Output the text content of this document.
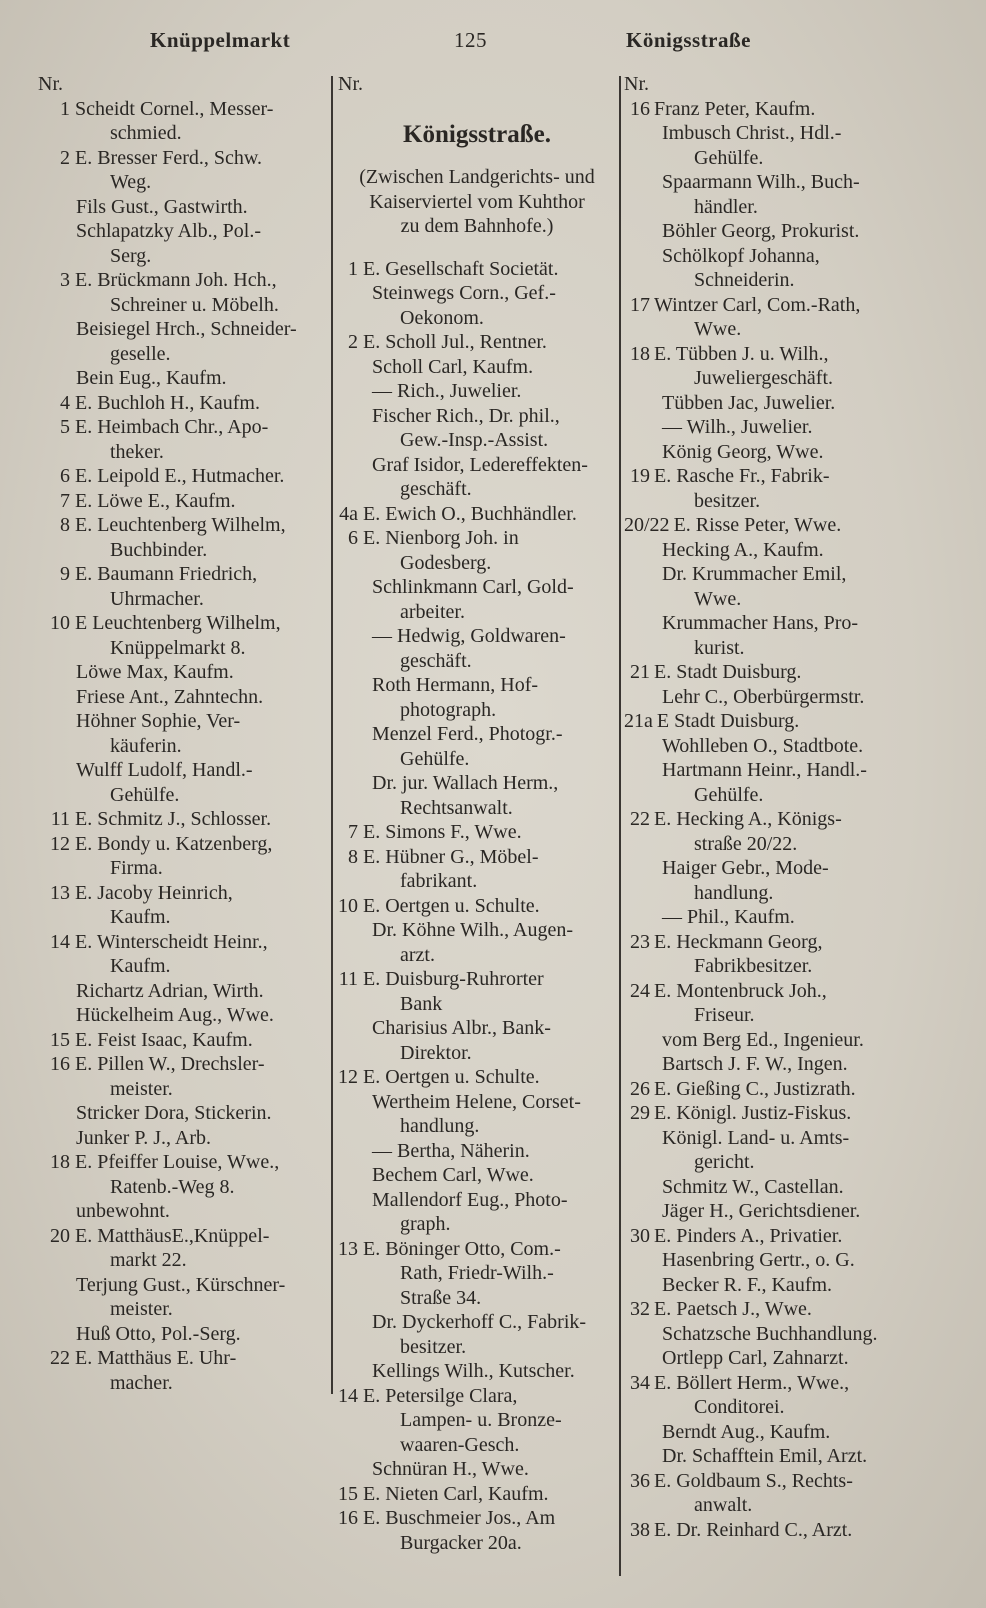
Knüppelmarkt	125	Königsstraße
Nr.
1 Scheidt Cornel., Messer-
schmied.
2 E. Bresser Ferd., Schw.
Weg.
Fils Gust., Gastwirth.
Schlapatzky Alb., Pol.-
Serg.
3 E. Brückmann Joh. Hch.,
Schreiner u. Möbelh.
Beisiegel Hrch., Schneider-
geselle.
Bein Eug., Kaufm.
4 E. Buchloh H., Kaufm.
5 E. Heimbach Chr., Apo-
theker.
6 E. Leipold E., Hutmacher.
7 E. Löwe E., Kaufm.
8 E. Leuchtenberg Wilhelm,
Buchbinder.
9 E. Baumann Friedrich,
Uhrmacher.
10 E Leuchtenberg Wilhelm,
Knüppelmarkt 8.
Löwe Max, Kaufm.
Friese Ant., Zahntechn.
Höhner Sophie, Ver-
käuferin.
Wulff Ludolf, Handl.-
Gehülfe.
11 E. Schmitz J., Schlosser.
12 E. Bondy u. Katzenberg,
Firma.
13 E. Jacoby Heinrich,
Kaufm.
14 E. Winterscheidt Heinr.,
Kaufm.
Richartz Adrian, Wirth.
Hückelheim Aug., Wwe.
15 E. Feist Isaac, Kaufm.
16 E. Pillen W., Drechsler-
meister.
Stricker Dora, Stickerin.
Junker P. J., Arb.
18 E. Pfeiffer Louise, Wwe.,
Ratenb.-Weg 8.
unbewohnt.
20 E. MatthäusE.,Knüppel-
markt 22.
Terjung Gust., Kürschner-
meister.
Huß Otto, Pol.-Serg.
22 E. Matthäus E. Uhr-
macher.
Nr.
Königsstraße.
(Zwischen Landgerichts- und
Kaiserviertel vom Kuhthor
zu dem Bahnhofe.)
1 E. Gesellschaft Societät.
Steinwegs Corn., Gef.-
Oekonom.
2 E. Scholl Jul., Rentner.
Scholl Carl, Kaufm.
— Rich., Juwelier.
Fischer Rich., Dr. phil.,
Gew.-Insp.-Assist.
Graf Isidor, Ledereffekten-
geschäft.
4a E. Ewich O., Buchhändler.
6 E. Nienborg Joh. in
Godesberg.
Schlinkmann Carl, Gold-
arbeiter.
— Hedwig, Goldwaren-
geschäft.
Roth Hermann, Hof-
photograph.
Menzel Ferd., Photogr.-
Gehülfe.
Dr. jur. Wallach Herm.,
Rechtsanwalt.
7 E. Simons F., Wwe.
8 E. Hübner G., Möbel-
fabrikant.
10 E. Oertgen u. Schulte.
Dr. Köhne Wilh., Augen-
arzt.
11 E. Duisburg-Ruhrorter
Bank
Charisius Albr., Bank-
Direktor.
12 E. Oertgen u. Schulte.
Wertheim Helene, Corset-
handlung.
— Bertha, Näherin.
Bechem Carl, Wwe.
Mallendorf Eug., Photo-
graph.
13 E. Böninger Otto, Com.-
Rath, Friedr-Wilh.-
Straße 34.
Dr. Dyckerhoff C., Fabrik-
besitzer.
Kellings Wilh., Kutscher.
14 E. Petersilge Clara,
Lampen- u. Bronze-
waaren-Gesch.
Schnüran H., Wwe.
15 E. Nieten Carl, Kaufm.
16 E. Buschmeier Jos., Am
Burgacker 20a.
Nr.
16 Franz Peter, Kaufm.
Imbusch Christ., Hdl.-
Gehülfe.
Spaarmann Wilh., Buch-
händler.
Böhler Georg, Prokurist.
Schölkopf Johanna,
Schneiderin.
17 Wintzer Carl, Com.-Rath,
Wwe.
18 E. Tübben J. u. Wilh.,
Juweliergeschäft.
Tübben Jac, Juwelier.
— Wilh., Juwelier.
König Georg, Wwe.
19 E. Rasche Fr., Fabrik-
besitzer.
20/22 E. Risse Peter, Wwe.
Hecking A., Kaufm.
Dr. Krummacher Emil,
Wwe.
Krummacher Hans, Pro-
kurist.
21 E. Stadt Duisburg.
Lehr C., Oberbürgermstr.
21a E Stadt Duisburg.
Wohlleben O., Stadtbote.
Hartmann Heinr., Handl.-
Gehülfe.
22 E. Hecking A., Königs-
straße 20/22.
Haiger Gebr., Mode-
handlung.
— Phil., Kaufm.
23 E. Heckmann Georg,
Fabrikbesitzer.
24 E. Montenbruck Joh.,
Friseur.
vom Berg Ed., Ingenieur.
Bartsch J. F. W., Ingen.
26 E. Gießing C., Justizrath.
29 E. Königl. Justiz-Fiskus.
Königl. Land- u. Amts-
gericht.
Schmitz W., Castellan.
Jäger H., Gerichtsdiener.
30 E. Pinders A., Privatier.
Hasenbring Gertr., o. G.
Becker R. F., Kaufm.
32 E. Paetsch J., Wwe.
Schatzsche Buchhandlung.
Ortlepp Carl, Zahnarzt.
34 E. Böllert Herm., Wwe.,
Conditorei.
Berndt Aug., Kaufm.
Dr. Schafftein Emil, Arzt.
36 E. Goldbaum S., Rechts-
anwalt.
38 E. Dr. Reinhard C., Arzt.
